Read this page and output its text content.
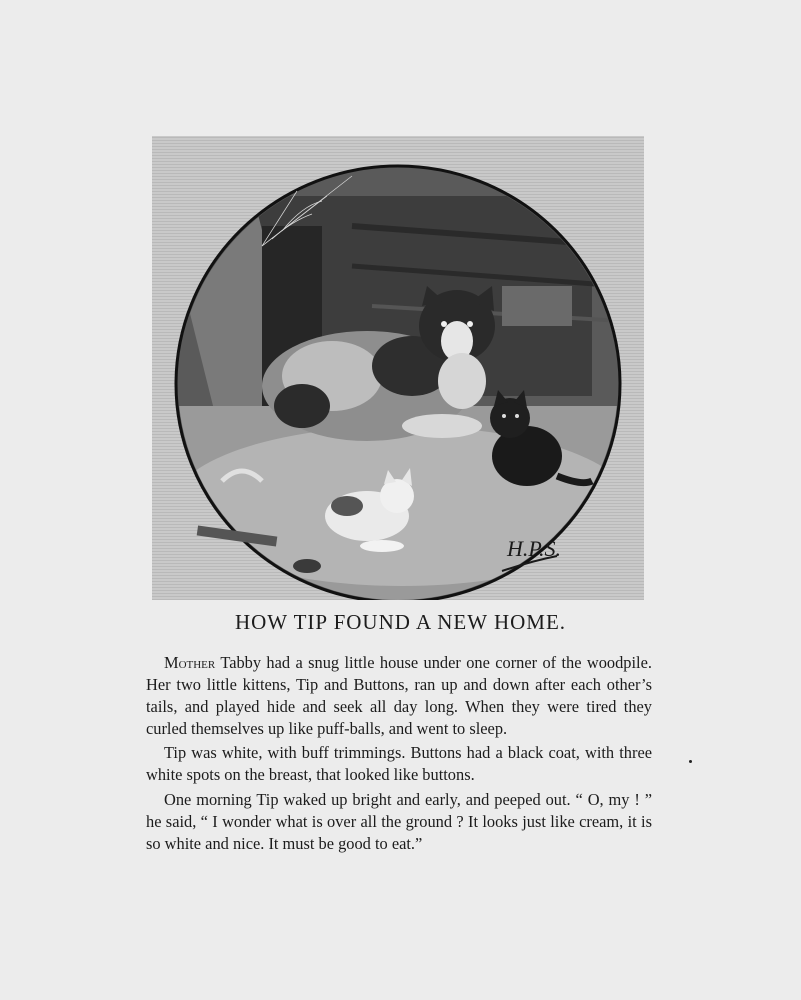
H.P.S.
HOW TIP FOUND A NEW HOME.

Mother Tabby had a snug little house under one corner of the woodpile. Her two little kittens, Tip and Buttons, ran up and down after each other’s tails, and played hide and seek all day long. When they were tired they curled themselves up like puff-balls, and went to sleep.

Tip was white, with buff trimmings. Buttons had a black coat, with three white spots on the breast, that looked like buttons.

One morning Tip waked up bright and early, and peeped out. “ O, my ! ” he said, “ I wonder what is over all the ground ? It looks just like cream, it is so white and nice. It must be good to eat.”
